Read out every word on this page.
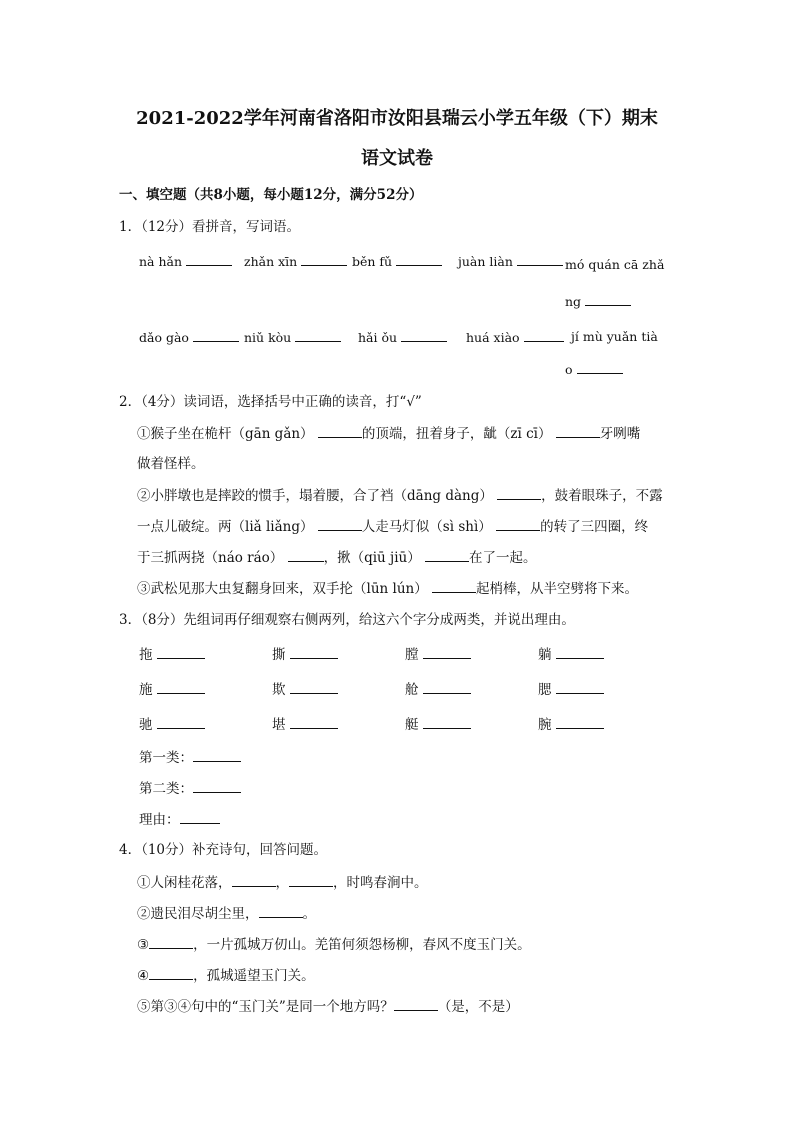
2021-2022学年河南省洛阳市汝阳县瑞云小学五年级（下）期末
语文试卷
一、填空题（共8小题，每小题12分，满分52分）
1．（12分）看拼音，写词语。
nà hǎn	zhǎn xīn	běn fǔ	juàn liàn	mó quán cā zhǎ
ng
dǎo gào	niǔ kòu	hǎi ǒu	huá xiào	jí mù yuǎn tià
o
2．（4分）读词语，选择括号中正确的读音，打“√”
①猴子坐在桅杆（gān gǎn）	的顶端，扭着身子，龇（zī cī）	牙咧嘴
做着怪样。
②小胖墩也是摔跤的惯手，塌着腰，合了裆（dāng dàng）	，鼓着眼珠子，不露
一点儿破绽。两（liǎ liǎng）	人走马灯似（sì shì）	的转了三四圈，终
于三抓两挠（náo ráo）	，揪（qiū jiū）	在了一起。
③武松见那大虫复翻身回来，双手抡（lūn lún）	起梢棒，从半空劈将下来。
3．（8分）先组词再仔细观察右侧两列，给这六个字分成两类，并说出理由。
拖	撕	膛	躺
施	欺	舱	腮
驰	堪	艇	腕
第一类：
第二类：
理由：
4．（10分）补充诗句，回答问题。
①人闲桂花落，	，	，时鸣春涧中。
②遗民泪尽胡尘里，	。
③	，一片孤城万仞山。羌笛何须怨杨柳，春风不度玉门关。
④	，孤城遥望玉门关。
⑤第③④句中的“玉门关”是同一个地方吗？	（是，不是）
